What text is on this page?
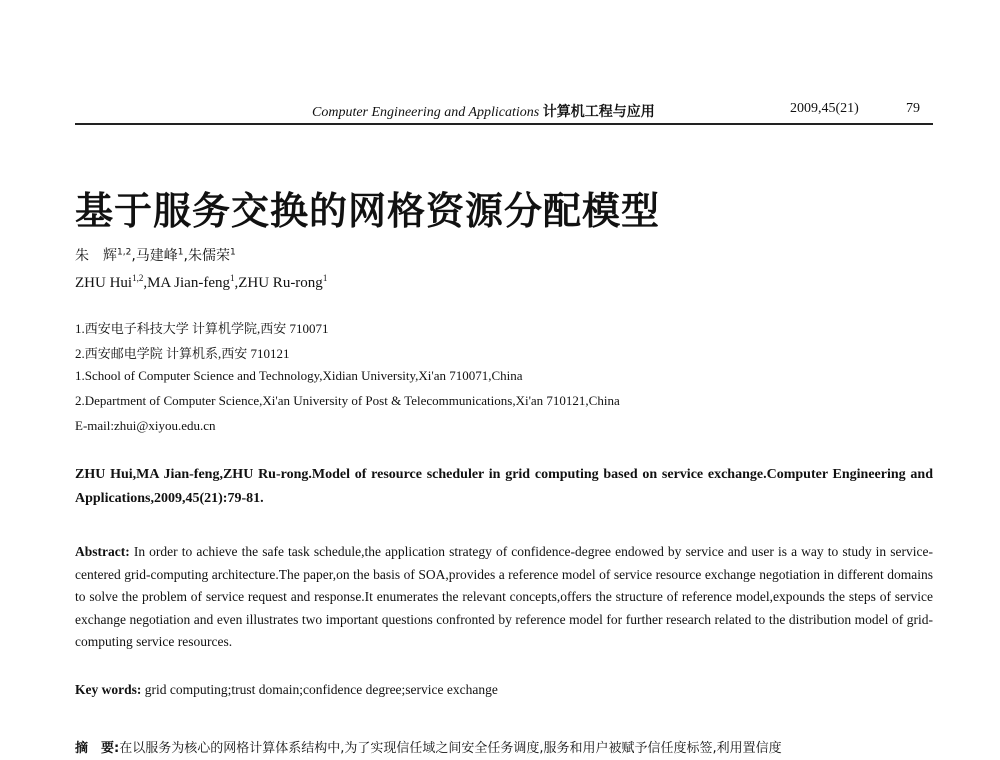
Computer Engineering and Applications 计算机工程与应用	2009,45(21)	79
基于服务交换的网格资源分配模型
朱　辉$^{1,2}$,马建峰$^1$,朱儒荣$^1$
ZHU Hui$^{1,2}$,MA Jian-feng$^1$,ZHU Ru-rong$^1$
1.西安电子科技大学 计算机学院,西安 710071
2.西安邮电学院 计算机系,西安 710121
1.School of Computer Science and Technology,Xidian University,Xi'an 710071,China
2.Department of Computer Science,Xi'an University of Post & Telecommunications,Xi'an 710121,China
E-mail:zhui@xiyou.edu.cn
ZHU Hui,MA Jian-feng,ZHU Ru-rong.Model of resource scheduler in grid computing based on service exchange.Computer Engineering and Applications,2009,45(21):79-81.
Abstract: In order to achieve the safe task schedule,the application strategy of confidence-degree endowed by service and user is a way to study in service-centered grid-computing architecture.The paper,on the basis of SOA,provides a reference model of service resource exchange negotiation in different domains to solve the problem of service request and response.It enumerates the relevant concepts,offers the structure of reference model,expounds the steps of service exchange negotiation and even illustrates two important questions confronted by reference model for further research related to the distribution model of grid-computing service resources.
Key words: grid computing;trust domain;confidence degree;service exchange
摘　要:在以服务为核心的网格计算体系结构中,为了实现信任域之间安全任务调度,服务和用户被赋予信任度标签,利用置信度
